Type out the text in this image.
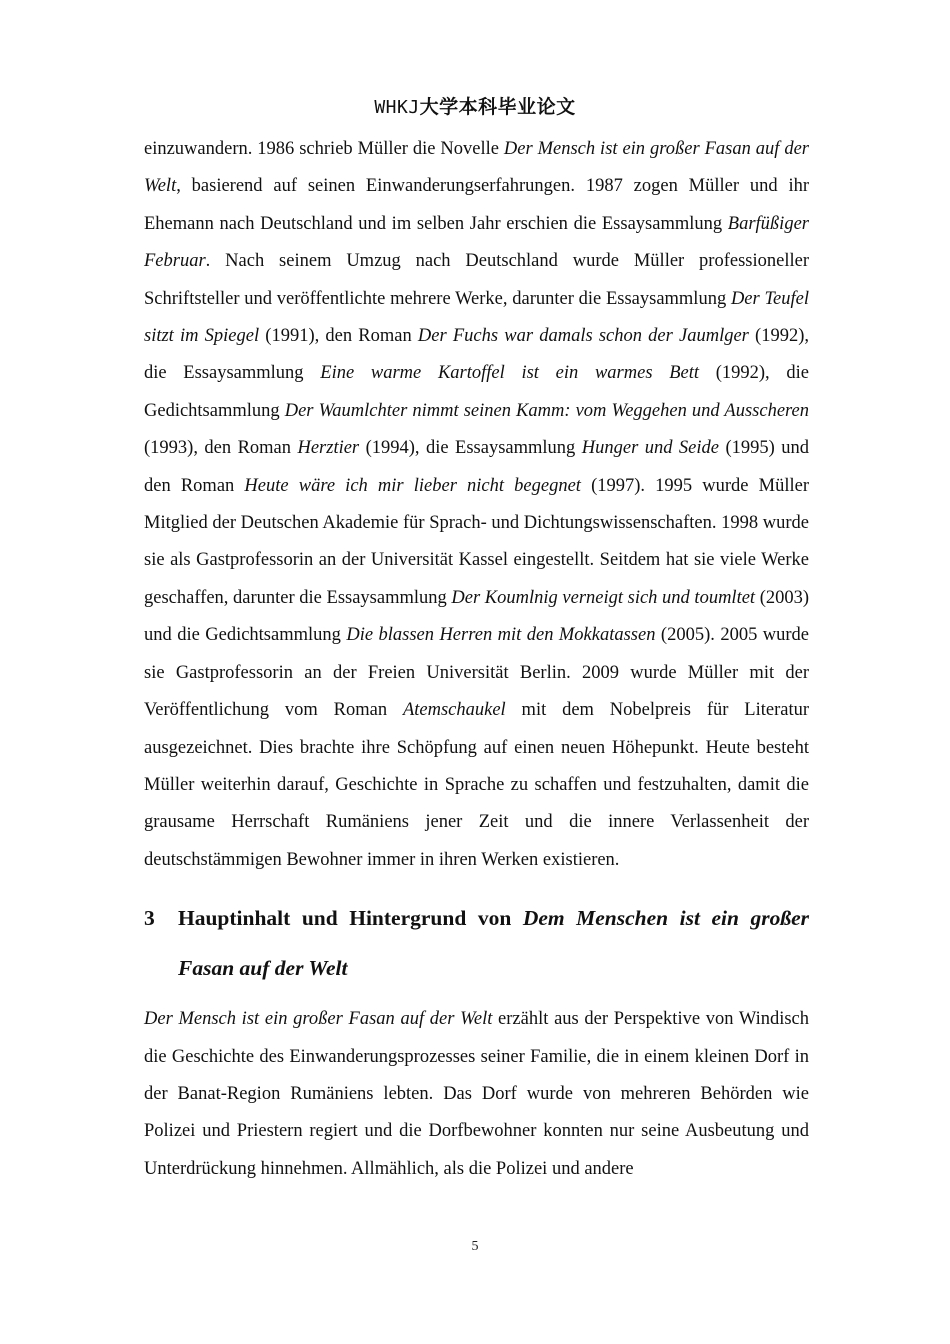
WHKJ大学本科毕业论文

einzuwandern. 1986 schrieb Müller die Novelle Der Mensch ist ein großer Fasan auf der Welt, basierend auf seinen Einwanderungserfahrungen. 1987 zogen Müller und ihr Ehemann nach Deutschland und im selben Jahr erschien die Essaysammlung Barfüßiger Februar. Nach seinem Umzug nach Deutschland wurde Müller professioneller Schriftsteller und veröffentlichte mehrere Werke, darunter die Essaysammlung Der Teufel sitzt im Spiegel (1991), den Roman Der Fuchs war damals schon der Jaumlger (1992), die Essaysammlung Eine warme Kartoffel ist ein warmes Bett (1992), die Gedichtsammlung Der Waumlchter nimmt seinen Kamm: vom Weggehen und Ausscheren (1993), den Roman Herztier (1994), die Essaysammlung Hunger und Seide (1995) und den Roman Heute wäre ich mir lieber nicht begegnet (1997). 1995 wurde Müller Mitglied der Deutschen Akademie für Sprach- und Dichtungswissenschaften. 1998 wurde sie als Gastprofessorin an der Universität Kassel eingestellt. Seitdem hat sie viele Werke geschaffen, darunter die Essaysammlung Der Koumlnig verneigt sich und toumltet (2003) und die Gedichtsammlung Die blassen Herren mit den Mokkatassen (2005). 2005 wurde sie Gastprofessorin an der Freien Universität Berlin. 2009 wurde Müller mit der Veröffentlichung vom Roman Atemschaukel mit dem Nobelpreis für Literatur ausgezeichnet. Dies brachte ihre Schöpfung auf einen neuen Höhepunkt. Heute besteht Müller weiterhin darauf, Geschichte in Sprache zu schaffen und festzuhalten, damit die grausame Herrschaft Rumäniens jener Zeit und die innere Verlassenheit der deutschstämmigen Bewohner immer in ihren Werken existieren.

3	Hauptinhalt und Hintergrund von Dem Menschen ist ein großer Fasan auf der Welt

Der Mensch ist ein großer Fasan auf der Welt erzählt aus der Perspektive von Windisch die Geschichte des Einwanderungsprozesses seiner Familie, die in einem kleinen Dorf in der Banat-Region Rumäniens lebten. Das Dorf wurde von mehreren Behörden wie Polizei und Priestern regiert und die Dorfbewohner konnten nur seine Ausbeutung und Unterdrückung hinnehmen. Allmählich, als die Polizei und andere

5
